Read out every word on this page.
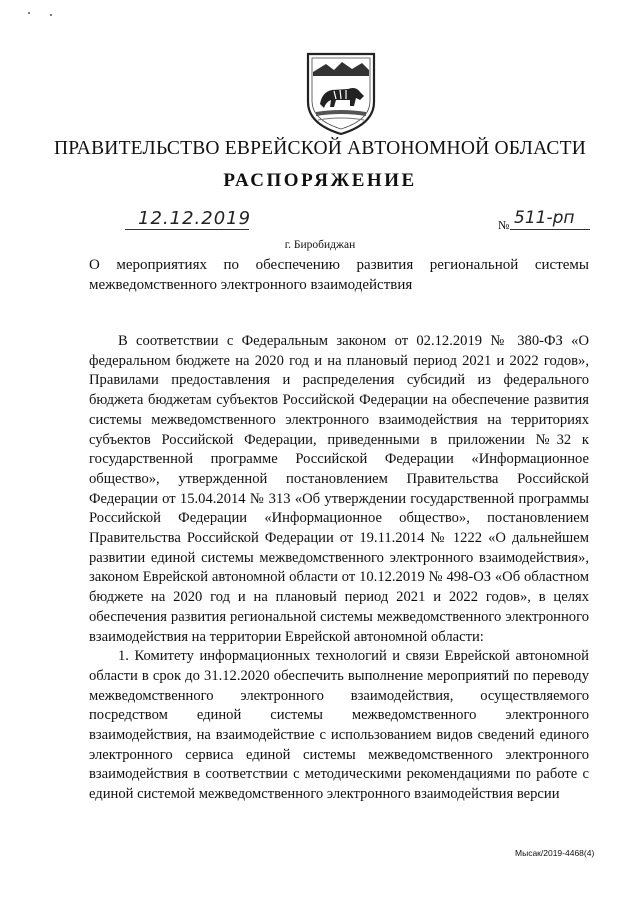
ПРАВИТЕЛЬСТВО ЕВРЕЙСКОЙ АВТОНОМНОЙ ОБЛАСТИ
РАСПОРЯЖЕНИЕ
12.12.2019	№ 511-рп
г. Биробиджан
О мероприятиях по обеспечению развития региональной системы
межведомственного электронного взаимодействия

В соответствии с Федеральным законом от 02.12.2019 № 380-ФЗ «О федеральном бюджете на 2020 год и на плановый период 2021 и 2022 годов», Правилами предоставления и распределения субсидий из федерального бюджета бюджетам субъектов Российской Федерации на обеспечение развития системы межведомственного электронного взаимодействия на территориях субъектов Российской Федерации, приведенными в приложении №32 к государственной программе Российской Федерации «Информационное общество», утвержденной постановлением Правительства Российской Федерации от 15.04.2014 № 313 «Об утверждении государственной программы Российской Федерации «Информационное общество», постановлением Правительства Российской Федерации от 19.11.2014 № 1222 «О дальнейшем развитии единой системы межведомственного электронного взаимодействия», законом Еврейской автономной области от 10.12.2019 № 498-ОЗ «Об областном бюджете на 2020 год и на плановый период 2021 и 2022 годов», в целях обеспечения развития региональной системы межведомственного электронного взаимодействия на территории Еврейской автономной области:

1. Комитету информационных технологий и связи Еврейской автономной области в срок до 31.12.2020 обеспечить выполнение мероприятий по переводу межведомственного электронного взаимодействия, осуществляемого посредством единой системы межведомственного электронного взаимодействия, на взаимодействие с использованием видов сведений единого электронного сервиса единой системы межведомственного электронного взаимодействия в соответствии с методическими рекомендациями по работе с единой системой межведомственного электронного взаимодействия версии

Мысак/2019-4468(4)
